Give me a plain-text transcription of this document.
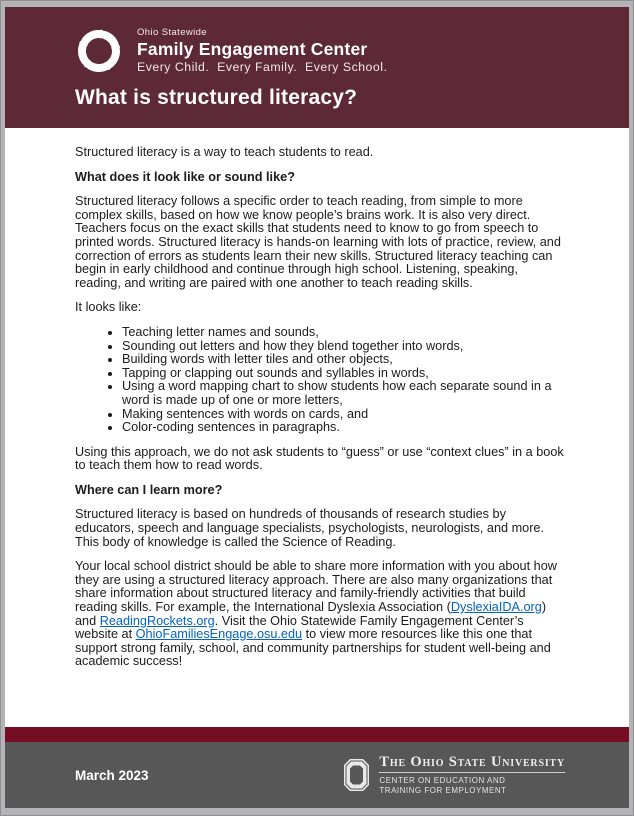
Ohio Statewide
Family Engagement Center
Every Child.  Every Family.  Every School.
What is structured literacy?

Structured literacy is a way to teach students to read.

What does it look like or sound like?

Structured literacy follows a specific order to teach reading, from simple to more complex skills, based on how we know people’s brains work. It is also very direct. Teachers focus on the exact skills that students need to know to go from speech to printed words. Structured literacy is hands-on learning with lots of practice, review, and correction of errors as students learn their new skills. Structured literacy teaching can begin in early childhood and continue through high school. Listening, speaking, reading, and writing are paired with one another to teach reading skills.

It looks like:

• Teaching letter names and sounds,
• Sounding out letters and how they blend together into words,
• Building words with letter tiles and other objects,
• Tapping or clapping out sounds and syllables in words,
• Using a word mapping chart to show students how each separate sound in a word is made up of one or more letters,
• Making sentences with words on cards, and
• Color-coding sentences in paragraphs.

Using this approach, we do not ask students to “guess” or use “context clues” in a book to teach them how to read words.

Where can I learn more?

Structured literacy is based on hundreds of thousands of research studies by educators, speech and language specialists, psychologists, neurologists, and more. This body of knowledge is called the Science of Reading.

Your local school district should be able to share more information with you about how they are using a structured literacy approach. There are also many organizations that share information about structured literacy and family-friendly activities that build reading skills. For example, the International Dyslexia Association (DyslexiaIDA.org) and ReadingRockets.org. Visit the Ohio Statewide Family Engagement Center’s website at OhioFamiliesEngage.osu.edu to view more resources like this one that support strong family, school, and community partnerships for student well-being and academic success!

March 2023
The Ohio State University
CENTER ON EDUCATION AND
TRAINING FOR EMPLOYMENT
